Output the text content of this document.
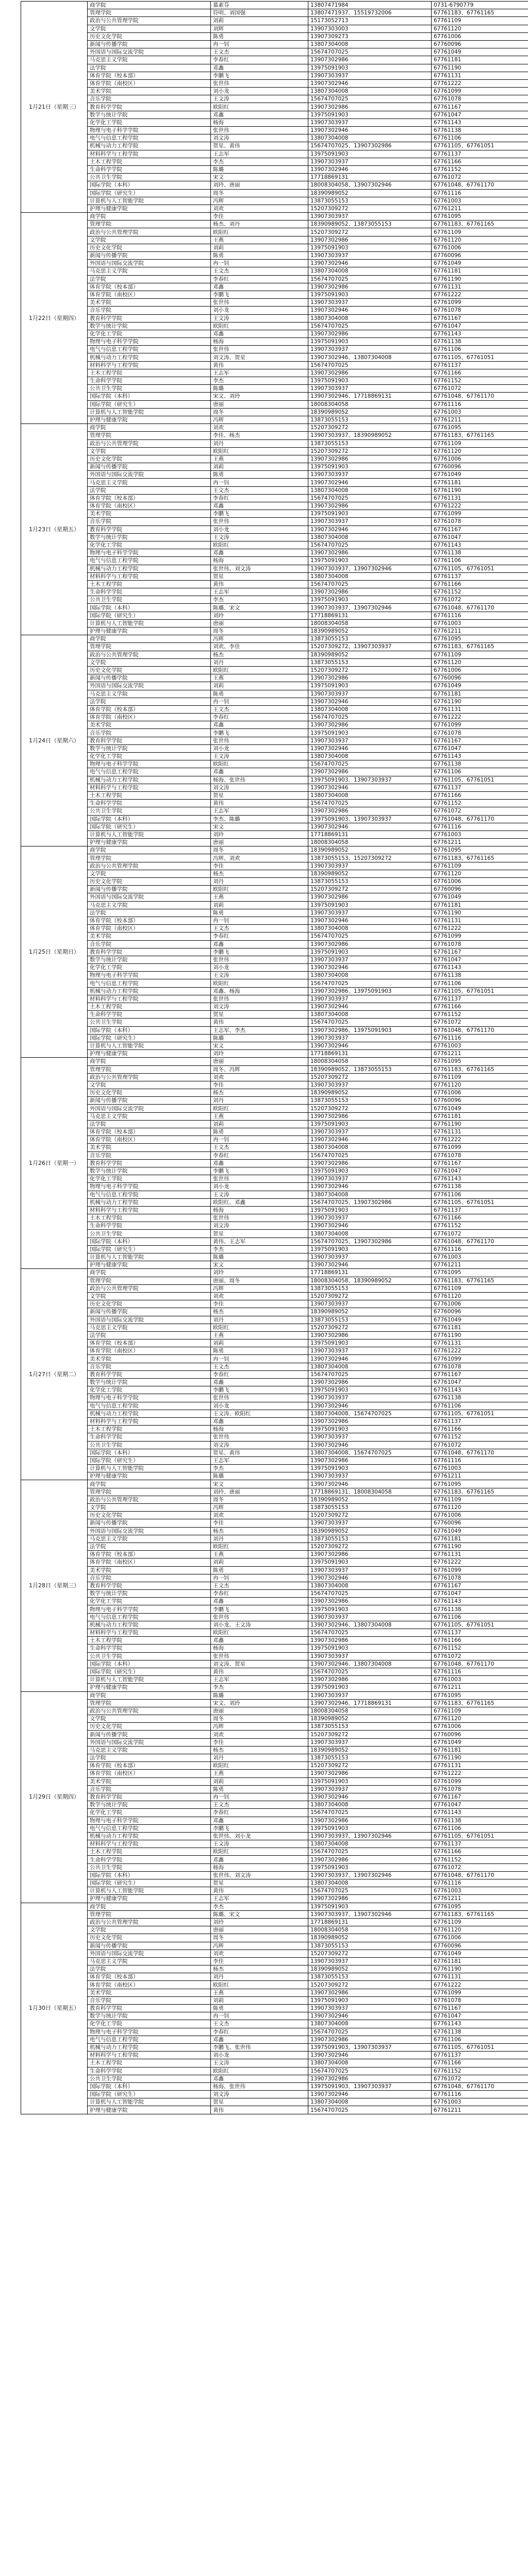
1月21日（星期三）	商学院	慕素芬	13807471984	0731-6790779
	管理学院	符明、刘国强	13807471937、15519732006	67761183、67761165
	政治与公共管理学院	刘莉	15173052713	67761109
	文学院	刘辉	13907303003	67761120
	历史文化学院	陈勇	13907309273	67761006
	新闻与传播学院	冉一钊	13807304008	67760096
	外国语与国际交流学院	王文杰	15674707025	67761049
	马克思主义学院	李春红	13907302986	67761181
	法学院	邓鑫	13975091903	67761190
	体育学院（校本部）	李鹏飞	13907303937	67761131
	体育学院（南校区）	张世伟	13907302946	67761222
	美术学院	刘小龙	13807304008	67761099
	音乐学院	王文涛	15674707025	67761078
	教育科学学院	欧阳红	13907302986	67761167
	数学与统计学院	邓鑫	13975091903	67761047
	化学化工学院	杨海	13907303937	67761143
	物理与电子科学学院	张世伟	13907302946	67761138
	电气与信息工程学院	刘文涛	13807304008	67761106
	机械与动力工程学院	贺星、黄伟	15674707025、13907302986	67761105、67761051
	材料科学与工程学院	王志军	13975091903	67761137
	土木工程学院	李杰	13907303937	67761166
	生命科学学院	陈璐	13907302946	67761152
	公共卫生学院	宋文	17718869131	67761072
	国际学院（本科）	刘玲、唐丽	18008304058、13907302946	67761048、67761170
	国际学院（研究生）	周冬	18390989052	67761116
	计算机与人工智能学院	冯辉	13873055153	67761003
	护理与健康学院	刘欢	15207309272	67761211
1月22日（星期四）	商学院	李佳	13907303937	67761095
	管理学院	杨杰、刘丹	18390989052、13873055153	67761183、67761165
	政治与公共管理学院	欧阳红	15207309272	67761109
	文学院	王燕	13907302986	67761120
	历史文化学院	刘莉	13975091903	67761006
	新闻与传播学院	陈勇	13907303937	67760096
	外国语与国际交流学院	冉一钊	13907302946	67761049
	马克思主义学院	王文杰	13807304008	67761181
	法学院	李春红	15674707025	67761190
	体育学院（校本部）	邓鑫	13907302986	67761131
	体育学院（南校区）	李鹏飞	13975091903	67761222
	美术学院	张世伟	13907303937	67761099
	音乐学院	刘小龙	13907302946	67761078
	教育科学学院	王文涛	13807304008	67761167
	数学与统计学院	欧阳红	15674707025	67761047
	化学化工学院	邓鑫	13907302986	67761143
	物理与电子科学学院	杨海	13975091903	67761138
	电气与信息工程学院	张世伟	13907303937	67761106
	机械与动力工程学院	刘文涛、贺星	13907302946、13807304008	67761105、67761051
	材料科学与工程学院	黄伟	15674707025	67761137
	土木工程学院	王志军	13907302986	67761166
	生命科学学院	李杰	13975091903	67761152
	公共卫生学院	陈璐	13907303937	67761072
	国际学院（本科）	宋文、刘玲	13907302946、17718869131	67761048、67761170
	国际学院（研究生）	唐丽	18008304058	67761116
	计算机与人工智能学院	周冬	18390989052	67761003
	护理与健康学院	冯辉	13873055153	67761211
1月23日（星期五）	商学院	刘欢	15207309272	67761095
	管理学院	李佳、杨杰	13907303937、18390989052	67761183、67761165
	政治与公共管理学院	刘丹	13873055153	67761109
	文学院	欧阳红	15207309272	67761120
	历史文化学院	王燕	13907302986	67761006
	新闻与传播学院	刘莉	13975091903	67760096
	外国语与国际交流学院	陈勇	13907303937	67761049
	马克思主义学院	冉一钊	13907302946	67761181
	法学院	王文杰	13807304008	67761190
	体育学院（校本部）	李春红	15674707025	67761131
	体育学院（南校区）	邓鑫	13907302986	67761222
	美术学院	李鹏飞	13975091903	67761099
	音乐学院	张世伟	13907303937	67761078
	教育科学学院	刘小龙	13907302946	67761167
	数学与统计学院	王文涛	13807304008	67761047
	化学化工学院	欧阳红	15674707025	67761143
	物理与电子科学学院	邓鑫	13907302986	67761138
	电气与信息工程学院	杨海	13975091903	67761106
	机械与动力工程学院	张世伟、刘文涛	13907303937、13907302946	67761105、67761051
	材料科学与工程学院	贺星	13807304008	67761137
	土木工程学院	黄伟	15674707025	67761166
	生命科学学院	王志军	13907302986	67761152
	公共卫生学院	李杰	13975091903	67761072
	国际学院（本科）	陈璐、宋文	13907303937、13907302946	67761048、67761170
	国际学院（研究生）	刘玲	17718869131	67761116
	计算机与人工智能学院	唐丽	18008304058	67761003
	护理与健康学院	周冬	18390989052	67761211
1月24日（星期六）	商学院	冯辉	13873055153	67761095
	管理学院	刘欢、李佳	15207309272、13907303937	67761183、67761165
	政治与公共管理学院	杨杰	18390989052	67761109
	文学院	刘丹	13873055153	67761120
	历史文化学院	欧阳红	15207309272	67761006
	新闻与传播学院	王燕	13907302986	67760096
	外国语与国际交流学院	刘莉	13975091903	67761049
	马克思主义学院	陈勇	13907303937	67761181
	法学院	冉一钊	13907302946	67761190
	体育学院（校本部）	王文杰	13807304008	67761131
	体育学院（南校区）	李春红	15674707025	67761222
	美术学院	邓鑫	13907302986	67761099
	音乐学院	李鹏飞	13975091903	67761078
	教育科学学院	张世伟	13907303937	67761167
	数学与统计学院	刘小龙	13907302946	67761047
	化学化工学院	王文涛	13807304008	67761143
	物理与电子科学学院	欧阳红	15674707025	67761138
	电气与信息工程学院	邓鑫	13907302986	67761106
	机械与动力工程学院	杨海、张世伟	13975091903、13907303937	67761105、67761051
	材料科学与工程学院	刘文涛	13907302946	67761137
	土木工程学院	贺星	13807304008	67761166
	生命科学学院	黄伟	15674707025	67761152
	公共卫生学院	王志军	13907302986	67761072
	国际学院（本科）	李杰、陈璐	13975091903、13907303937	67761048、67761170
	国际学院（研究生）	宋文	13907302946	67761116
	计算机与人工智能学院	刘玲	17718869131	67761003
	护理与健康学院	唐丽	18008304058	67761211
1月25日（星期日）	商学院	周冬	18390989052	67761095
	管理学院	冯辉、刘欢	13873055153、15207309272	67761183、67761165
	政治与公共管理学院	李佳	13907303937	67761109
	文学院	杨杰	18390989052	67761120
	历史文化学院	刘丹	13873055153	67761006
	新闻与传播学院	欧阳红	15207309272	67760096
	外国语与国际交流学院	王燕	13907302986	67761049
	马克思主义学院	刘莉	13975091903	67761181
	法学院	陈勇	13907303937	67761190
	体育学院（校本部）	冉一钊	13907302946	67761131
	体育学院（南校区）	王文杰	13807304008	67761222
	美术学院	李春红	15674707025	67761099
	音乐学院	邓鑫	13907302986	67761078
	教育科学学院	李鹏飞	13975091903	67761167
	数学与统计学院	张世伟	13907303937	67761047
	化学化工学院	刘小龙	13907302946	67761143
	物理与电子科学学院	王文涛	13807304008	67761138
	电气与信息工程学院	欧阳红	15674707025	67761106
	机械与动力工程学院	邓鑫、杨海	13907302986、13975091903	67761105、67761051
	材料科学与工程学院	张世伟	13907303937	67761137
	土木工程学院	刘文涛	13907302946	67761166
	生命科学学院	贺星	13807304008	67761152
	公共卫生学院	黄伟	15674707025	67761072
	国际学院（本科）	王志军、李杰	13907302986、13975091903	67761048、67761170
	国际学院（研究生）	陈璐	13907303937	67761116
	计算机与人工智能学院	宋文	13907302946	67761003
	护理与健康学院	刘玲	17718869131	67761211
1月26日（星期一）	商学院	唐丽	18008304058	67761095
	管理学院	周冬、冯辉	18390989052、13873055153	67761183、67761165
	政治与公共管理学院	刘欢	15207309272	67761109
	文学院	李佳	13907303937	67761120
	历史文化学院	杨杰	18390989052	67761006
	新闻与传播学院	刘丹	13873055153	67760096
	外国语与国际交流学院	欧阳红	15207309272	67761049
	马克思主义学院	王燕	13907302986	67761181
	法学院	刘莉	13975091903	67761190
	体育学院（校本部）	陈勇	13907303937	67761131
	体育学院（南校区）	冉一钊	13907302946	67761222
	美术学院	王文杰	13807304008	67761099
	音乐学院	李春红	15674707025	67761078
	教育科学学院	邓鑫	13907302986	67761167
	数学与统计学院	李鹏飞	13975091903	67761047
	化学化工学院	张世伟	13907303937	67761143
	物理与电子科学学院	刘小龙	13907302946	67761138
	电气与信息工程学院	王文涛	13807304008	67761106
	机械与动力工程学院	欧阳红、邓鑫	15674707025、13907302986	67761105、67761051
	材料科学与工程学院	杨海	13975091903	67761137
	土木工程学院	张世伟	13907303937	67761166
	生命科学学院	刘文涛	13907302946	67761152
	公共卫生学院	贺星	13807304008	67761072
	国际学院（本科）	黄伟、王志军	15674707025、13907302986	67761048、67761170
	国际学院（研究生）	李杰	13975091903	67761116
	计算机与人工智能学院	陈璐	13907303937	67761003
	护理与健康学院	宋文	13907302946	67761211
1月27日（星期二）	商学院	刘玲	17718869131	67761095
	管理学院	唐丽、周冬	18008304058、18390989052	67761183、67761165
	政治与公共管理学院	冯辉	13873055153	67761109
	文学院	刘欢	15207309272	67761120
	历史文化学院	李佳	13907303937	67761006
	新闻与传播学院	杨杰	18390989052	67760096
	外国语与国际交流学院	刘丹	13873055153	67761049
	马克思主义学院	欧阳红	15207309272	67761181
	法学院	王燕	13907302986	67761190
	体育学院（校本部）	刘莉	13975091903	67761131
	体育学院（南校区）	陈勇	13907303937	67761222
	美术学院	冉一钊	13907302946	67761099
	音乐学院	王文杰	13807304008	67761078
	教育科学学院	李春红	15674707025	67761167
	数学与统计学院	邓鑫	13907302986	67761047
	化学化工学院	李鹏飞	13975091903	67761143
	物理与电子科学学院	张世伟	13907303937	67761138
	电气与信息工程学院	刘小龙	13907302946	67761106
	机械与动力工程学院	王文涛、欧阳红	13807304008、15674707025	67761105、67761051
	材料科学与工程学院	邓鑫	13907302986	67761137
	土木工程学院	杨海	13975091903	67761166
	生命科学学院	张世伟	13907303937	67761152
	公共卫生学院	刘文涛	13907302946	67761072
	国际学院（本科）	贺星、黄伟	13807304008、15674707025	67761048、67761170
	国际学院（研究生）	王志军	13907302986	67761116
	计算机与人工智能学院	李杰	13975091903	67761003
	护理与健康学院	陈璐	13907303937	67761211
1月28日（星期三）	商学院	宋文	13907302946	67761095
	管理学院	刘玲、唐丽	17718869131、18008304058	67761183、67761165
	政治与公共管理学院	周冬	18390989052	67761109
	文学院	冯辉	13873055153	67761120
	历史文化学院	刘欢	15207309272	67761006
	新闻与传播学院	李佳	13907303937	67760096
	外国语与国际交流学院	杨杰	18390989052	67761049
	马克思主义学院	刘丹	13873055153	67761181
	法学院	欧阳红	15207309272	67761190
	体育学院（校本部）	王燕	13907302986	67761131
	体育学院（南校区）	刘莉	13975091903	67761222
	美术学院	陈勇	13907303937	67761099
	音乐学院	冉一钊	13907302946	67761078
	教育科学学院	王文杰	13807304008	67761167
	数学与统计学院	李春红	15674707025	67761047
	化学化工学院	邓鑫	13907302986	67761143
	物理与电子科学学院	李鹏飞	13975091903	67761138
	电气与信息工程学院	张世伟	13907303937	67761106
	机械与动力工程学院	刘小龙、王文涛	13907302946、13807304008	67761105、67761051
	材料科学与工程学院	欧阳红	15674707025	67761137
	土木工程学院	邓鑫	13907302986	67761166
	生命科学学院	杨海	13975091903	67761152
	公共卫生学院	张世伟	13907303937	67761072
	国际学院（本科）	刘文涛、贺星	13907302946、13807304008	67761048、67761170
	国际学院（研究生）	黄伟	15674707025	67761116
	计算机与人工智能学院	王志军	13907302986	67761003
	护理与健康学院	李杰	13975091903	67761211
1月29日（星期四）	商学院	陈璐	13907303937	67761095
	管理学院	宋文、刘玲	13907302946、17718869131	67761183、67761165
	政治与公共管理学院	唐丽	18008304058	67761109
	文学院	周冬	18390989052	67761120
	历史文化学院	冯辉	13873055153	67761006
	新闻与传播学院	刘欢	15207309272	67760096
	外国语与国际交流学院	李佳	13907303937	67761049
	马克思主义学院	杨杰	18390989052	67761181
	法学院	刘丹	13873055153	67761190
	体育学院（校本部）	欧阳红	15207309272	67761131
	体育学院（南校区）	王燕	13907302986	67761222
	美术学院	刘莉	13975091903	67761099
	音乐学院	陈勇	13907303937	67761078
	教育科学学院	冉一钊	13907302946	67761167
	数学与统计学院	王文杰	13807304008	67761047
	化学化工学院	李春红	15674707025	67761143
	物理与电子科学学院	邓鑫	13907302986	67761138
	电气与信息工程学院	李鹏飞	13975091903	67761106
	机械与动力工程学院	张世伟、刘小龙	13907303937、13907302946	67761105、67761051
	材料科学与工程学院	王文涛	13807304008	67761137
	土木工程学院	欧阳红	15674707025	67761166
	生命科学学院	邓鑫	13907302986	67761152
	公共卫生学院	杨海	13975091903	67761072
	国际学院（本科）	张世伟、刘文涛	13907303937、13907302946	67761048、67761170
	国际学院（研究生）	贺星	13807304008	67761116
	计算机与人工智能学院	黄伟	15674707025	67761003
	护理与健康学院	王志军	13907302986	67761211
1月30日（星期五）	商学院	李杰	13975091903	67761095
	管理学院	陈璐、宋文	13907303937、13907302946	67761183、67761165
	政治与公共管理学院	刘玲	17718869131	67761109
	文学院	唐丽	18008304058	67761120
	历史文化学院	周冬	18390989052	67761006
	新闻与传播学院	冯辉	13873055153	67760096
	外国语与国际交流学院	刘欢	15207309272	67761049
	马克思主义学院	李佳	13907303937	67761181
	法学院	杨杰	18390989052	67761190
	体育学院（校本部）	刘丹	13873055153	67761131
	体育学院（南校区）	欧阳红	15207309272	67761222
	美术学院	王燕	13907302986	67761099
	音乐学院	刘莉	13975091903	67761078
	教育科学学院	陈勇	13907303937	67761167
	数学与统计学院	冉一钊	13907302946	67761047
	化学化工学院	王文杰	13807304008	67761143
	物理与电子科学学院	李春红	15674707025	67761138
	电气与信息工程学院	邓鑫	13907302986	67761106
	机械与动力工程学院	李鹏飞、张世伟	13975091903、13907303937	67761105、67761051
	材料科学与工程学院	刘小龙	13907302946	67761137
	土木工程学院	王文涛	13807304008	67761166
	生命科学学院	欧阳红	15674707025	67761152
	公共卫生学院	邓鑫	13907302986	67761072
	国际学院（本科）	杨海、张世伟	13975091903、13907303937	67761048、67761170
	国际学院（研究生）	刘文涛	13907302946	67761116
	计算机与人工智能学院	贺星	13807304008	67761003
	护理与健康学院	黄伟	15674707025	67761211
